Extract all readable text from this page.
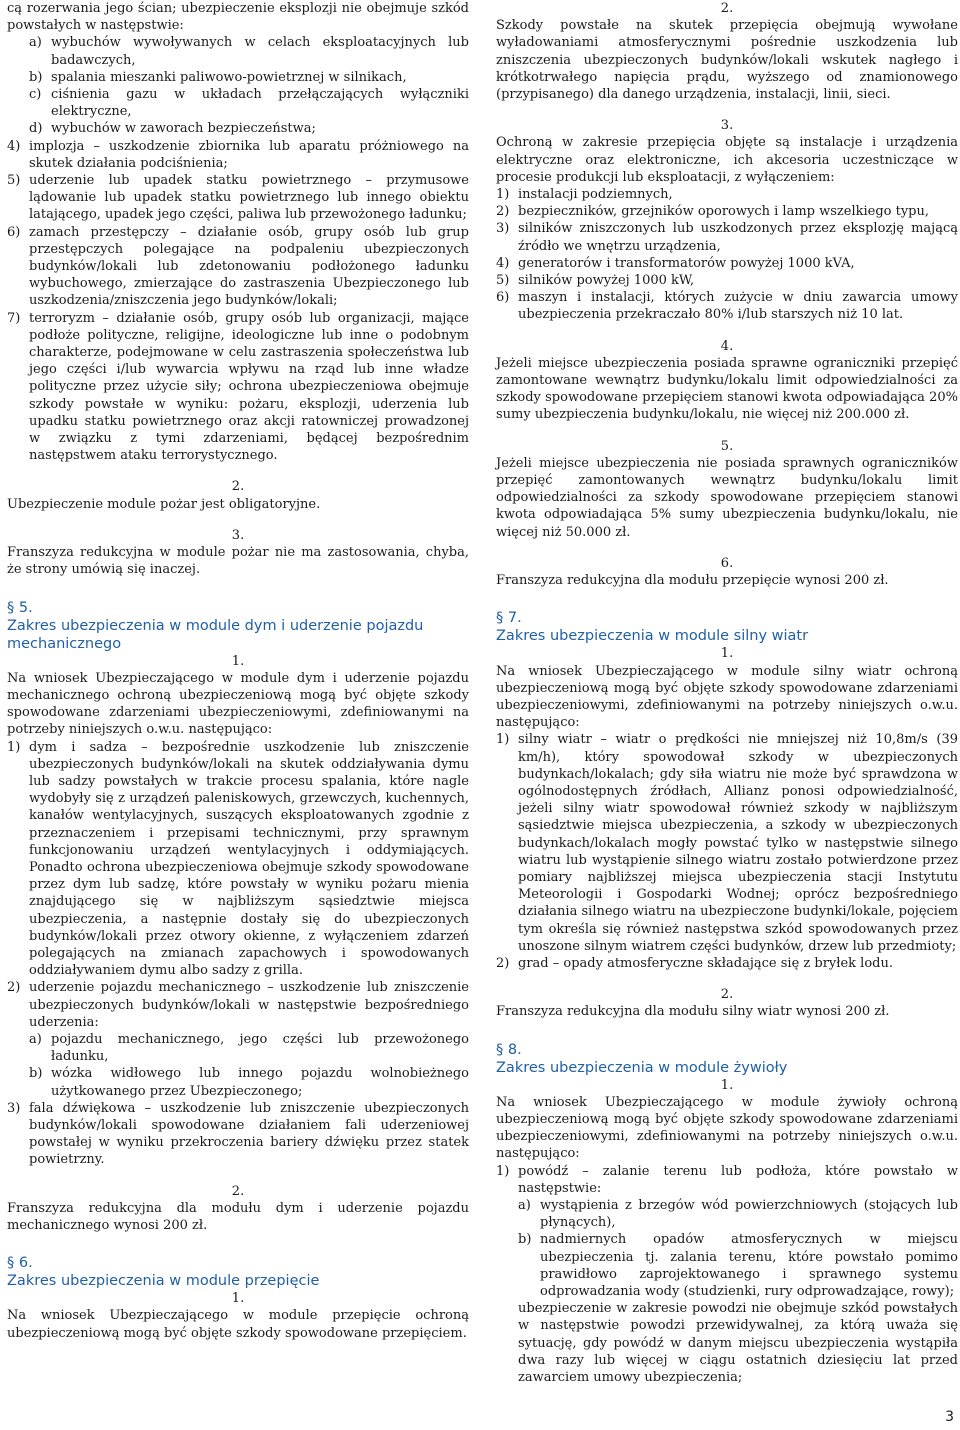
cą rozerwania jego ścian; ubezpieczenie eksplozji nie obejmuje szkód powstałych w następstwie:

a) wybuchów wywoływanych w celach eksploatacyjnych lub badawczych,
b) spalania mieszanki paliwowo-powietrznej w silnikach,
c) ciśnienia gazu w układach przełączających wyłączniki elektryczne,
d) wybuchów w zaworach bezpieczeństwa;
4) implozja – uszkodzenie zbiornika lub aparatu próżniowego na skutek działania podciśnienia;
5) uderzenie lub upadek statku powietrznego – przymusowe lądowanie lub upadek statku powietrznego lub innego obiektu latającego, upadek jego części, paliwa lub przewożonego ładunku;
6) zamach przestępczy – działanie osób, grupy osób lub grup przestępczych polegające na podpaleniu ubezpieczonych budynków/lokali lub zdetonowaniu podłożonego ładunku wybuchowego, zmierzające do zastraszenia Ubezpieczonego lub uszkodzenia/zniszczenia jego budynków/lokali;
7) terroryzm – działanie osób, grupy osób lub organizacji, mające podłoże polityczne, religijne, ideologiczne lub inne o podobnym charakterze, podejmowane w celu zastraszenia społeczeństwa lub jego części i/lub wywarcia wpływu na rząd lub inne władze polityczne przez użycie siły; ochrona ubezpieczeniowa obejmuje szkody powstałe w wyniku: pożaru, eksplozji, uderzenia lub upadku statku powietrznego oraz akcji ratowniczej prowadzonej w związku z tymi zdarzeniami, będącej bezpośrednim następstwem ataku terrorystycznego.

2.

Ubezpieczenie module pożar jest obligatoryjne.

3.

Franszyza redukcyjna w module pożar nie ma zastosowania, chyba, że strony umówią się inaczej.

§ 5.
Zakres ubezpieczenia w module dym i uderzenie pojazdu mechanicznego

1.

Na wniosek Ubezpieczającego w module dym i uderzenie pojazdu mechanicznego ochroną ubezpieczeniową mogą być objęte szkody spowodowane zdarzeniami ubezpieczeniowymi, zdefiniowanymi na potrzeby niniejszych o.w.u. następująco:

1) dym i sadza – bezpośrednie uszkodzenie lub zniszczenie ubezpieczonych budynków/lokali na skutek oddziaływania dymu lub sadzy powstałych w trakcie procesu spalania, które nagle wydobyły się z urządzeń paleniskowych, grzewczych, kuchennych, kanałów wentylacyjnych, suszących eksploatowanych zgodnie z przeznaczeniem i przepisami technicznymi, przy sprawnym funkcjonowaniu urządzeń wentylacyjnych i oddymiających. Ponadto ochrona ubezpieczeniowa obejmuje szkody spowodowane przez dym lub sadzę, które powstały w wyniku pożaru mienia znajdującego się w najbliższym sąsiedztwie miejsca ubezpieczenia, a następnie dostały się do ubezpieczonych budynków/lokali przez otwory okienne, z wyłączeniem zdarzeń polegających na zmianach zapachowych i spowodowanych oddziaływaniem dymu albo sadzy z grilla.
2) uderzenie pojazdu mechanicznego – uszkodzenie lub zniszczenie ubezpieczonych budynków/lokali w następstwie bezpośredniego uderzenia:
a) pojazdu mechanicznego, jego części lub przewożonego ładunku,
b) wózka widłowego lub innego pojazdu wolnobieżnego użytkowanego przez Ubezpieczonego;
3) fala dźwiękowa – uszkodzenie lub zniszczenie ubezpieczonych budynków/lokali spowodowane działaniem fali uderzeniowej powstałej w wyniku przekroczenia bariery dźwięku przez statek powietrzny.

2.

Franszyza redukcyjna dla modułu dym i uderzenie pojazdu mechanicznego wynosi 200 zł.

§ 6.
Zakres ubezpieczenia w module przepięcie

1.

Na wniosek Ubezpieczającego w module przepięcie ochroną ubezpieczeniową mogą być objęte szkody spowodowane przepięciem.

2.

Szkody powstałe na skutek przepięcia obejmują wywołane wyładowaniami atmosferycznymi pośrednie uszkodzenia lub zniszczenia ubezpieczonych budynków/lokali wskutek nagłego i krótkotrwałego napięcia prądu, wyższego od znamionowego (przypisanego) dla danego urządzenia, instalacji, linii, sieci.

3.

Ochroną w zakresie przepięcia objęte są instalacje i urządzenia elektryczne oraz elektroniczne, ich akcesoria uczestniczące w procesie produkcji lub eksploatacji, z wyłączeniem:

1) instalacji podziemnych,
2) bezpieczników, grzejników oporowych i lamp wszelkiego typu,
3) silników zniszczonych lub uszkodzonych przez eksplozję mającą źródło we wnętrzu urządzenia,
4) generatorów i transformatorów powyżej 1000 kVA,
5) silników powyżej 1000 kW,
6) maszyn i instalacji, których zużycie w dniu zawarcia umowy ubezpieczenia przekraczało 80% i/lub starszych niż 10 lat.

4.

Jeżeli miejsce ubezpieczenia posiada sprawne ograniczniki przepięć zamontowane wewnątrz budynku/lokalu limit odpowiedzialności za szkody spowodowane przepięciem stanowi kwota odpowiadająca 20% sumy ubezpieczenia budynku/lokalu, nie więcej niż 200.000 zł.

5.

Jeżeli miejsce ubezpieczenia nie posiada sprawnych ograniczników przepięć zamontowanych wewnątrz budynku/lokalu limit odpowiedzialności za szkody spowodowane przepięciem stanowi kwota odpowiadająca 5% sumy ubezpieczenia budynku/lokalu, nie więcej niż 50.000 zł.

6.

Franszyza redukcyjna dla modułu przepięcie wynosi 200 zł.

§ 7.
Zakres ubezpieczenia w module silny wiatr

1.

Na wniosek Ubezpieczającego w module silny wiatr ochroną ubezpieczeniową mogą być objęte szkody spowodowane zdarzeniami ubezpieczeniowymi, zdefiniowanymi na potrzeby niniejszych o.w.u. następująco:

1) silny wiatr – wiatr o prędkości nie mniejszej niż 10,8m/s (39 km/h), który spowodował szkody w ubezpieczonych budynkach/lokalach; gdy siła wiatru nie może być sprawdzona w ogólnodostępnych źródłach, Allianz ponosi odpowiedzialność, jeżeli silny wiatr spowodował również szkody w najbliższym sąsiedztwie miejsca ubezpieczenia, a szkody w ubezpieczonych budynkach/lokalach mogły powstać tylko w następstwie silnego wiatru lub wystąpienie silnego wiatru zostało potwierdzone przez pomiary najbliższej miejsca ubezpieczenia stacji Instytutu Meteorologii i Gospodarki Wodnej; oprócz bezpośredniego działania silnego wiatru na ubezpieczone budynki/lokale, pojęciem tym określa się również następstwa szkód spowodowanych przez unoszone silnym wiatrem części budynków, drzew lub przedmioty;
2) grad – opady atmosferyczne składające się z bryłek lodu.

2.

Franszyza redukcyjna dla modułu silny wiatr wynosi 200 zł.

§ 8.
Zakres ubezpieczenia w module żywioły

1.

Na wniosek Ubezpieczającego w module żywioły ochroną ubezpieczeniową mogą być objęte szkody spowodowane zdarzeniami ubezpieczeniowymi, zdefiniowanymi na potrzeby niniejszych o.w.u. następująco:

1) powódź – zalanie terenu lub podłoża, które powstało w następstwie:
a) wystąpienia z brzegów wód powierzchniowych (stojących lub płynących),
b) nadmiernych opadów atmosferycznych w miejscu ubezpieczenia tj. zalania terenu, które powstało pomimo prawidłowo zaprojektowanego i sprawnego systemu odprowadzania wody (studzienki, rury odprowadzające, rowy);

ubezpieczenie w zakresie powodzi nie obejmuje szkód powstałych w następstwie powodzi przewidywalnej, za którą uważa się sytuację, gdy powódź w danym miejscu ubezpieczenia wystąpiła dwa razy lub więcej w ciągu ostatnich dziesięciu lat przed zawarciem umowy ubezpieczenia;

3
